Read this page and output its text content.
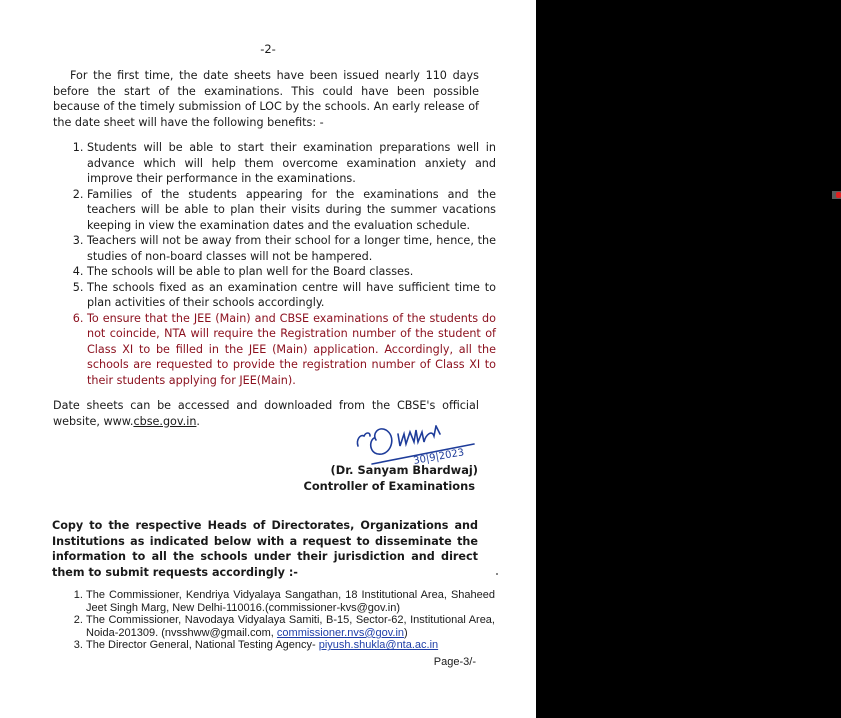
-2-
For the first time, the date sheets have been issued nearly 110 days before the start of the examinations. This could have been possible because of the timely submission of LOC by the schools. An early release of the date sheet will have the following benefits: -
1. Students will be able to start their examination preparations well in advance which will help them overcome examination anxiety and improve their performance in the examinations.
2. Families of the students appearing for the examinations and the teachers will be able to plan their visits during the summer vacations keeping in view the examination dates and the evaluation schedule.
3. Teachers will not be away from their school for a longer time, hence, the studies of non-board classes will not be hampered.
4. The schools will be able to plan well for the Board classes.
5. The schools fixed as an examination centre will have sufficient time to plan activities of their schools accordingly.
6. To ensure that the JEE (Main) and CBSE examinations of the students do not coincide, NTA will require the Registration number of the student of Class XI to be filled in the JEE (Main) application. Accordingly, all the schools are requested to provide the registration number of Class XI to their students applying for JEE(Main).
Date sheets can be accessed and downloaded from the CBSE's official website, www.cbse.gov.in.
30|9|2023
(Dr. Sanyam Bhardwaj)
Controller of Examinations
Copy to the respective Heads of Directorates, Organizations and Institutions as indicated below with a request to disseminate the information to all the schools under their jurisdiction and direct them to submit requests accordingly :-
1. The Commissioner, Kendriya Vidyalaya Sangathan, 18 Institutional Area, Shaheed Jeet Singh Marg, New Delhi-110016.(commissioner-kvs@gov.in)
2. The Commissioner, Navodaya Vidyalaya Samiti, B-15, Sector-62, Institutional Area, Noida-201309. (nvsshww@gmail.com, commissioner.nvs@gov.in)
3. The Director General, National Testing Agency- piyush.shukla@nta.ac.in
Page-3/-
